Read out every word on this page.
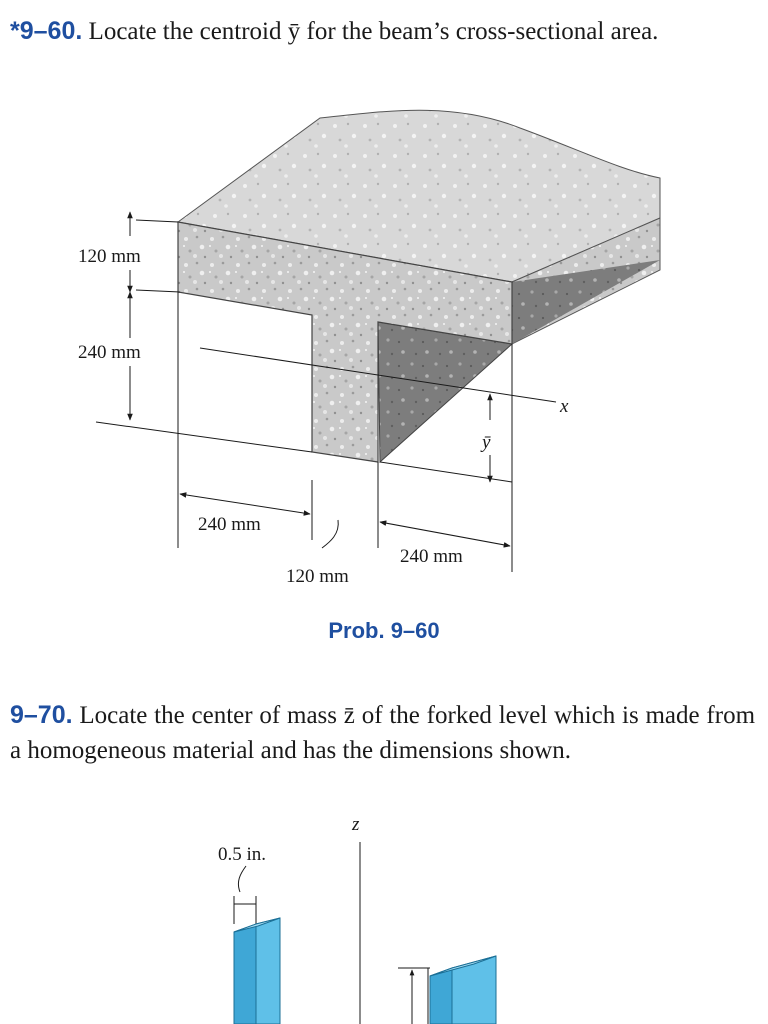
*9–60. Locate the centroid ȳ for the beam’s cross-sectional area.

120 mm
240 mm
x
ȳ
240 mm
120 mm
240 mm
Prob. 9–60

9–70. Locate the center of mass z̄ of the forked level which is made from a homogeneous material and has the dimensions shown.

z
0.5 in.
